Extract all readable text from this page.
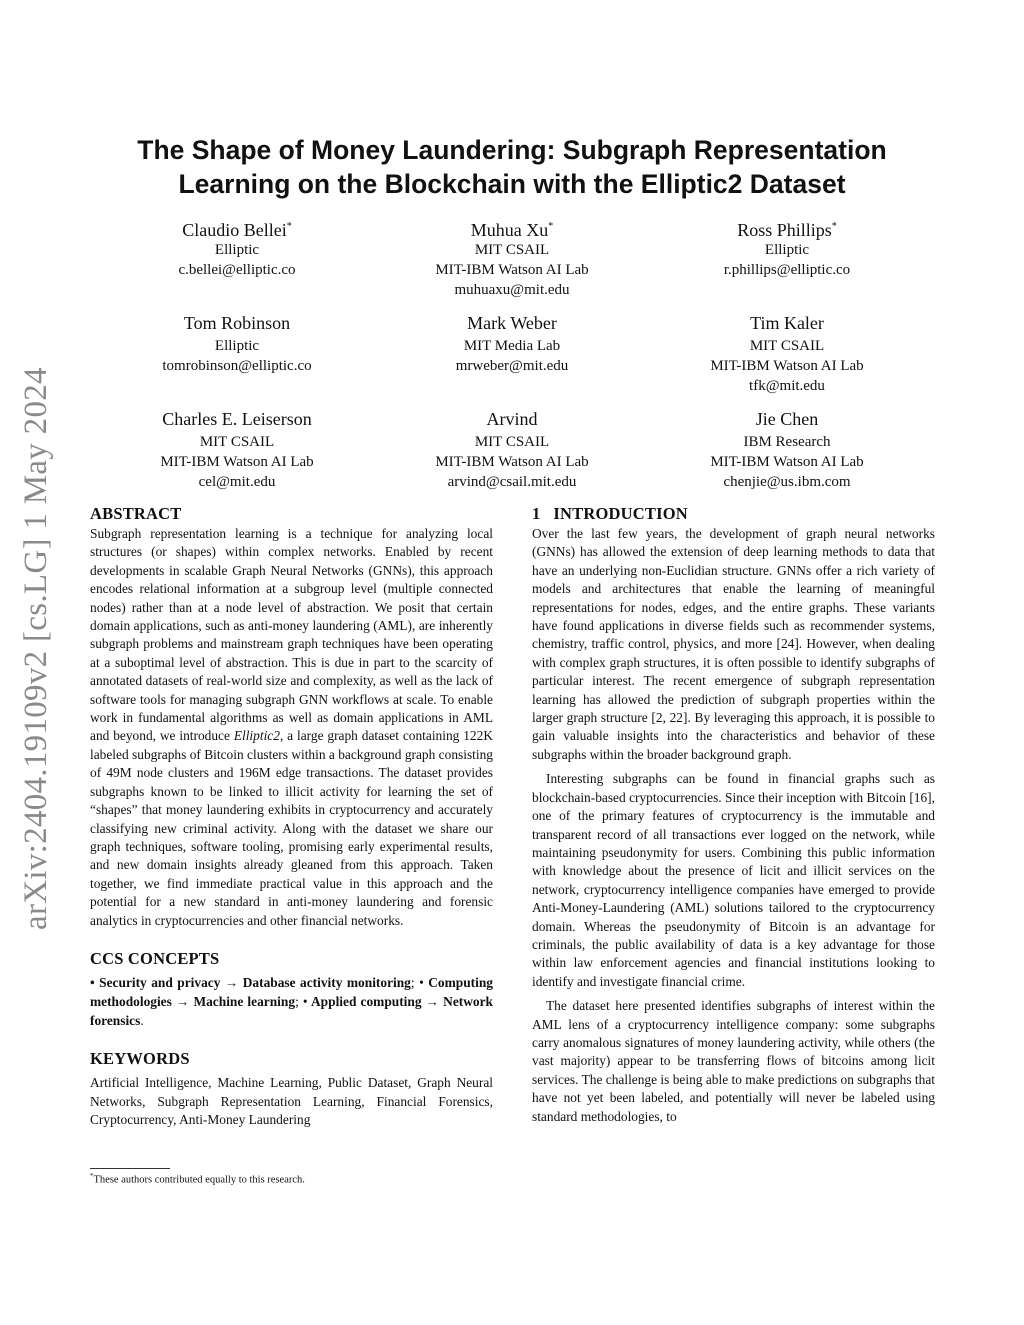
arXiv:2404.19109v2 [cs.LG] 1 May 2024
The Shape of Money Laundering: Subgraph Representation
Learning on the Blockchain with the Elliptic2 Dataset
Claudio Bellei*
Elliptic
c.bellei@elliptic.co
Muhua Xu*
MIT CSAIL
MIT-IBM Watson AI Lab
muhuaxu@mit.edu
Ross Phillips*
Elliptic
r.phillips@elliptic.co
Tom Robinson
Elliptic
tomrobinson@elliptic.co
Mark Weber
MIT Media Lab
mrweber@mit.edu
Tim Kaler
MIT CSAIL
MIT-IBM Watson AI Lab
tfk@mit.edu
Charles E. Leiserson
MIT CSAIL
MIT-IBM Watson AI Lab
cel@mit.edu
Arvind
MIT CSAIL
MIT-IBM Watson AI Lab
arvind@csail.mit.edu
Jie Chen
IBM Research
MIT-IBM Watson AI Lab
chenjie@us.ibm.com
ABSTRACT

Subgraph representation learning is a technique for analyzing local structures (or shapes) within complex networks. Enabled by recent developments in scalable Graph Neural Networks (GNNs), this approach encodes relational information at a subgroup level (multiple connected nodes) rather than at a node level of abstraction. We posit that certain domain applications, such as anti-money laundering (AML), are inherently subgraph problems and mainstream graph techniques have been operating at a suboptimal level of abstraction. This is due in part to the scarcity of annotated datasets of real-world size and complexity, as well as the lack of software tools for managing subgraph GNN workflows at scale. To enable work in fundamental algorithms as well as domain applications in AML and beyond, we introduce Elliptic2, a large graph dataset containing 122K labeled subgraphs of Bitcoin clusters within a background graph consisting of 49M node clusters and 196M edge transactions. The dataset provides subgraphs known to be linked to illicit activity for learning the set of “shapes” that money laundering exhibits in cryptocurrency and accurately classifying new criminal activity. Along with the dataset we share our graph techniques, software tooling, promising early experimental results, and new domain insights already gleaned from this approach. Taken together, we find immediate practical value in this approach and the potential for a new standard in anti-money laundering and forensic analytics in cryptocurrencies and other financial networks.

CCS CONCEPTS

• Security and privacy → Database activity monitoring; • Computing methodologies → Machine learning; • Applied computing → Network forensics.

KEYWORDS

Artificial Intelligence, Machine Learning, Public Dataset, Graph Neural Networks, Subgraph Representation Learning, Financial Forensics, Cryptocurrency, Anti-Money Laundering

*These authors contributed equally to this research.
1   INTRODUCTION

Over the last few years, the development of graph neural networks (GNNs) has allowed the extension of deep learning methods to data that have an underlying non-Euclidian structure. GNNs offer a rich variety of models and architectures that enable the learning of meaningful representations for nodes, edges, and the entire graphs. These variants have found applications in diverse fields such as recommender systems, chemistry, traffic control, physics, and more [24]. However, when dealing with complex graph structures, it is often possible to identify subgraphs of particular interest. The recent emergence of subgraph representation learning has allowed the prediction of subgraph properties within the larger graph structure [2, 22]. By leveraging this approach, it is possible to gain valuable insights into the characteristics and behavior of these subgraphs within the broader background graph.

Interesting subgraphs can be found in financial graphs such as blockchain-based cryptocurrencies. Since their inception with Bitcoin [16], one of the primary features of cryptocurrency is the immutable and transparent record of all transactions ever logged on the network, while maintaining pseudonymity for users. Combining this public information with knowledge about the presence of licit and illicit services on the network, cryptocurrency intelligence companies have emerged to provide Anti-Money-Laundering (AML) solutions tailored to the cryptocurrency domain. Whereas the pseudonymity of Bitcoin is an advantage for criminals, the public availability of data is a key advantage for those within law enforcement agencies and financial institutions looking to identify and investigate financial crime.

The dataset here presented identifies subgraphs of interest within the AML lens of a cryptocurrency intelligence company: some subgraphs carry anomalous signatures of money laundering activity, while others (the vast majority) appear to be transferring flows of bitcoins among licit services. The challenge is being able to make predictions on subgraphs that have not yet been labeled, and potentially will never be labeled using standard methodologies, to
